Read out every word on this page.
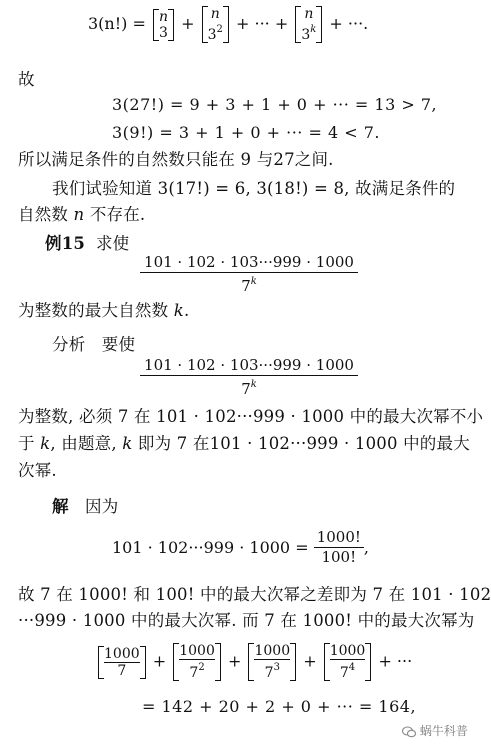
3(n!) = n
3 + n
$3^2$ + ··· + n
$3^k$ + ···.
故
3(27!) = 9 + 3 + 1 + 0 + ··· = 13 > 7,
3(9!) = 3 + 1 + 0 + ··· = 4 < 7.
所以满足条件的自然数只能在 9 与27之间.
我们试验知道 3(17!) = 6, 3(18!) = 8, 故满足条件的
自然数 n 不存在.
例15 求使
101 · 102 · 103···999 · 1000
7$^k$
为整数的最大自然数 k.
分析 要使
101 · 102 · 103···999 · 1000
7$^k$
为整数, 必须 7 在 101 · 102···999 · 1000 中的最大次幂不小
于 k, 由题意, k 即为 7 在101 · 102···999 · 1000 中的最大
次幂.
解 因为
$101 \cdot 102\cdot\cdot\cdot 999 \cdot 1000 = \frac{1000!}{100!}$ ,
故 7 在 1000! 和 100! 中的最大次幂之差即为 7 在 101 · 102
···999 · 1000 中的最大次幂. 而 7 在 1000! 中的最大次幂为
$\frac{1000}{7} + \frac{1000}{7^2} + \frac{1000}{7^3} + \frac{1000}{7^4}$ + ···
= 142 + 20 + 2 + 0 + ··· = 164,
蜗牛科普
